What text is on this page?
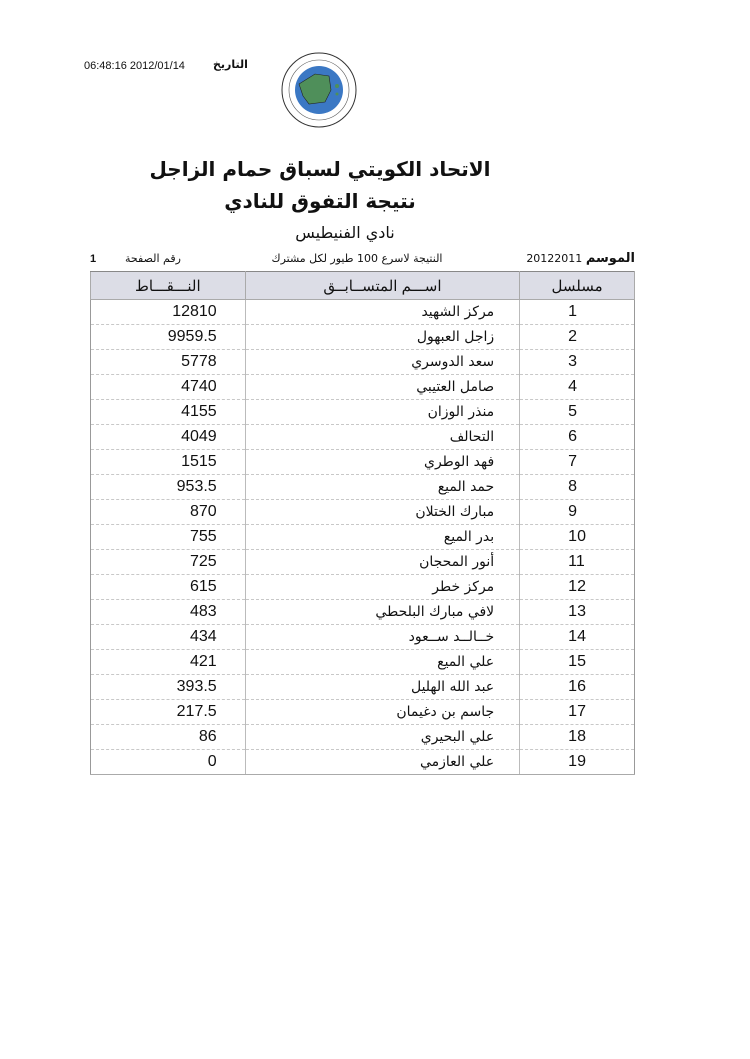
06:48:16 2012/01/14	التاريخ
الاتحاد الكويتي لسباق حمام الزاجل
نتيجة التفوق للنادي
نادي الفنيطيس
الموسم 20122011
النتيجة لاسرع 100 طيور لكل مشترك
رقم الصفحة
1
النـــقـــاط	اســـم المتســابــق	مسلسل
12810	مركز الشهيد	1
9959.5	زاجل العبهول	2
5778	سعد الدوسري	3
4740	صامل العتيبي	4
4155	منذر الوزان	5
4049	التحالف	6
1515	فهد الوطري	7
953.5	حمد الميع	8
870	مبارك الختلان	9
755	بدر الميع	10
725	أنور المحجان	11
615	مركز خطر	12
483	لافي مبارك البلحطي	13
434	خــالــد ســعود	14
421	علي الميع	15
393.5	عبد الله الهليل	16
217.5	جاسم بن دغيمان	17
86	علي البحيري	18
0	علي العازمي	19
